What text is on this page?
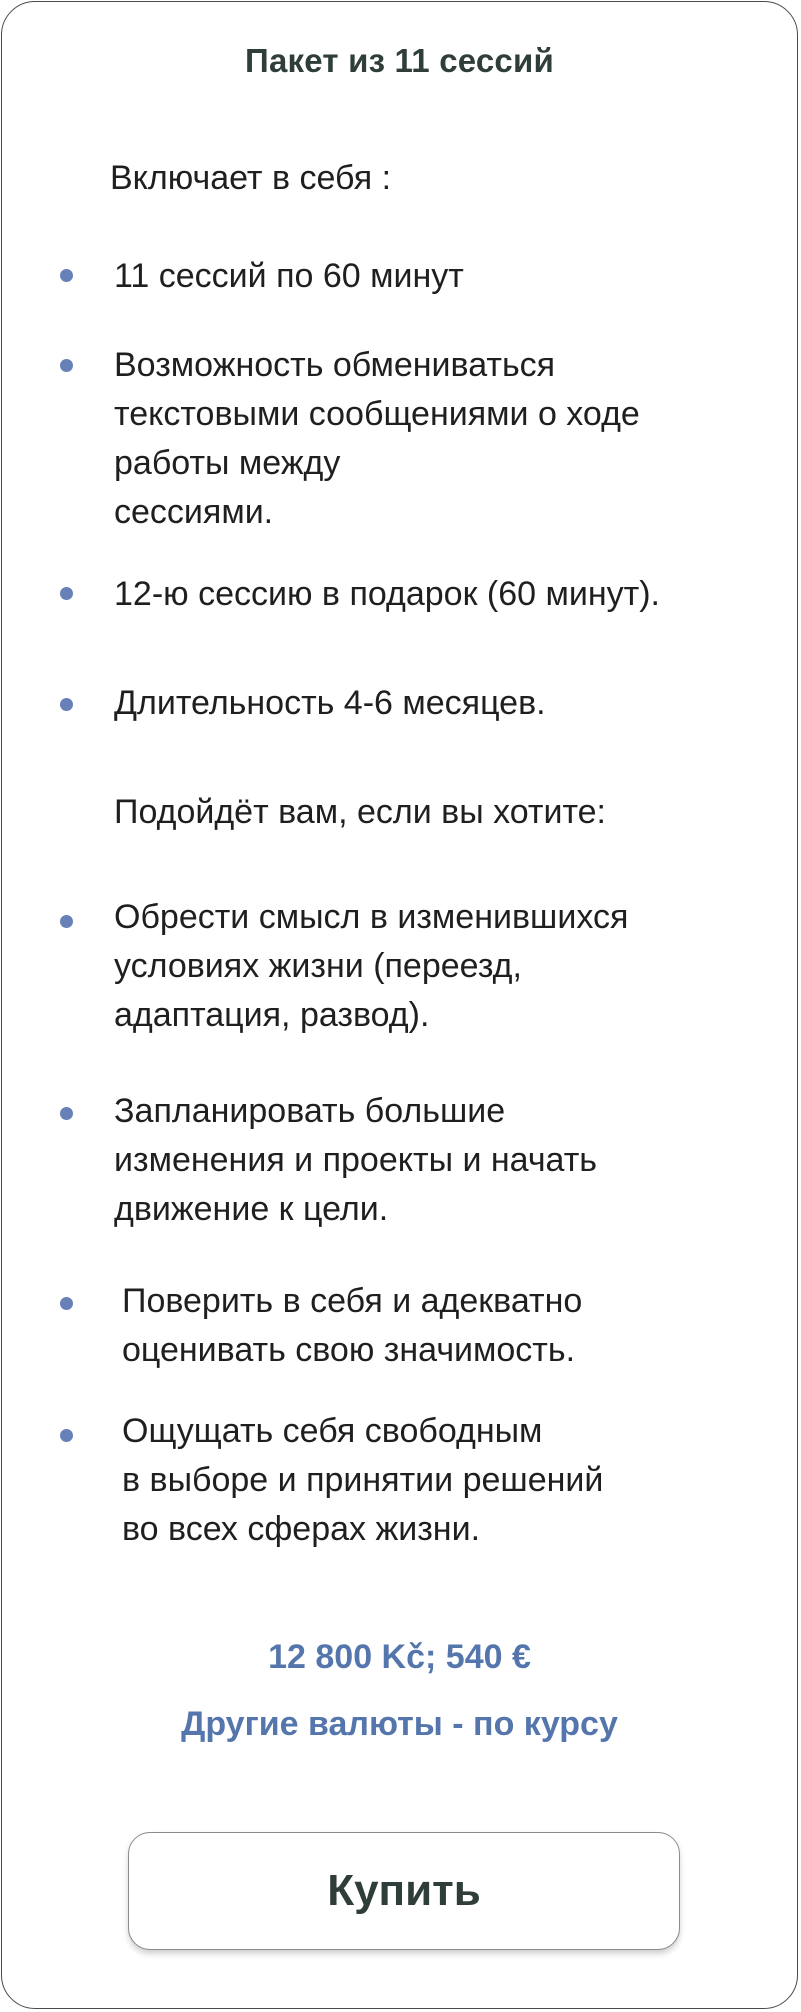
Пакет из 11 сессий
Включает в себя :
11 сессий по 60 минут
Возможность обмениваться
текстовыми сообщениями о ходе
работы между
сессиями.
12-ю сессию в подарок (60 минут).
Длительность 4-6 месяцев.
Подойдёт вам, если вы хотите:
Обрести смысл в изменившихся
условиях жизни (переезд,
адаптация, развод).
Запланировать большие
изменения и проекты и начать
движение к цели.
Поверить в себя и адекватно
оценивать свою значимость.
Ощущать себя свободным
в выборе и принятии решений
во всех сферах жизни.
12 800 Kč; 540 €
Другие валюты - по курсу
Купить
